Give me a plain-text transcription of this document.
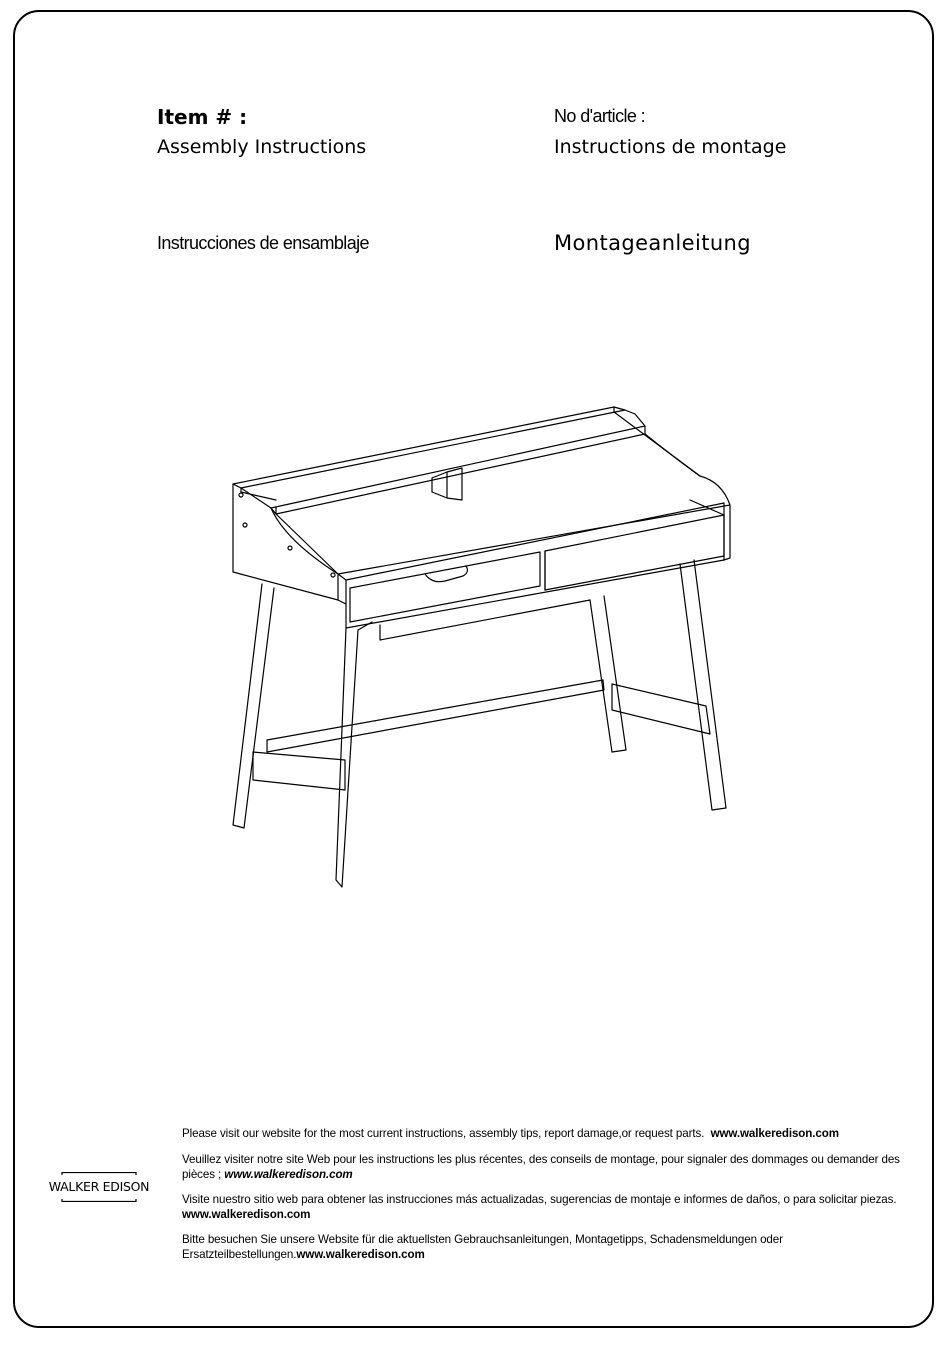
Item # :
Assembly Instructions
No d'article :
Instructions de montage
Instrucciones de ensamblaje	Montageanleitung

Please visit our website for the most current instructions, assembly tips, report damage,or request parts. www.walkeredison.com

Veuillez visiter notre site Web pour les instructions les plus récentes, des conseils de montage, pour signaler des dommages ou demander des pièces ; www.walkeredison.com

Visite nuestro sitio web para obtener las instrucciones más actualizadas, sugerencias de montaje e informes de daños, o para solicitar piezas. www.walkeredison.com

Bitte besuchen Sie unsere Website für die aktuellsten Gebrauchsanleitungen, Montagetipps, Schadensmeldungen oder Ersatzteilbestellungen.www.walkeredison.com

WALKER EDISON
